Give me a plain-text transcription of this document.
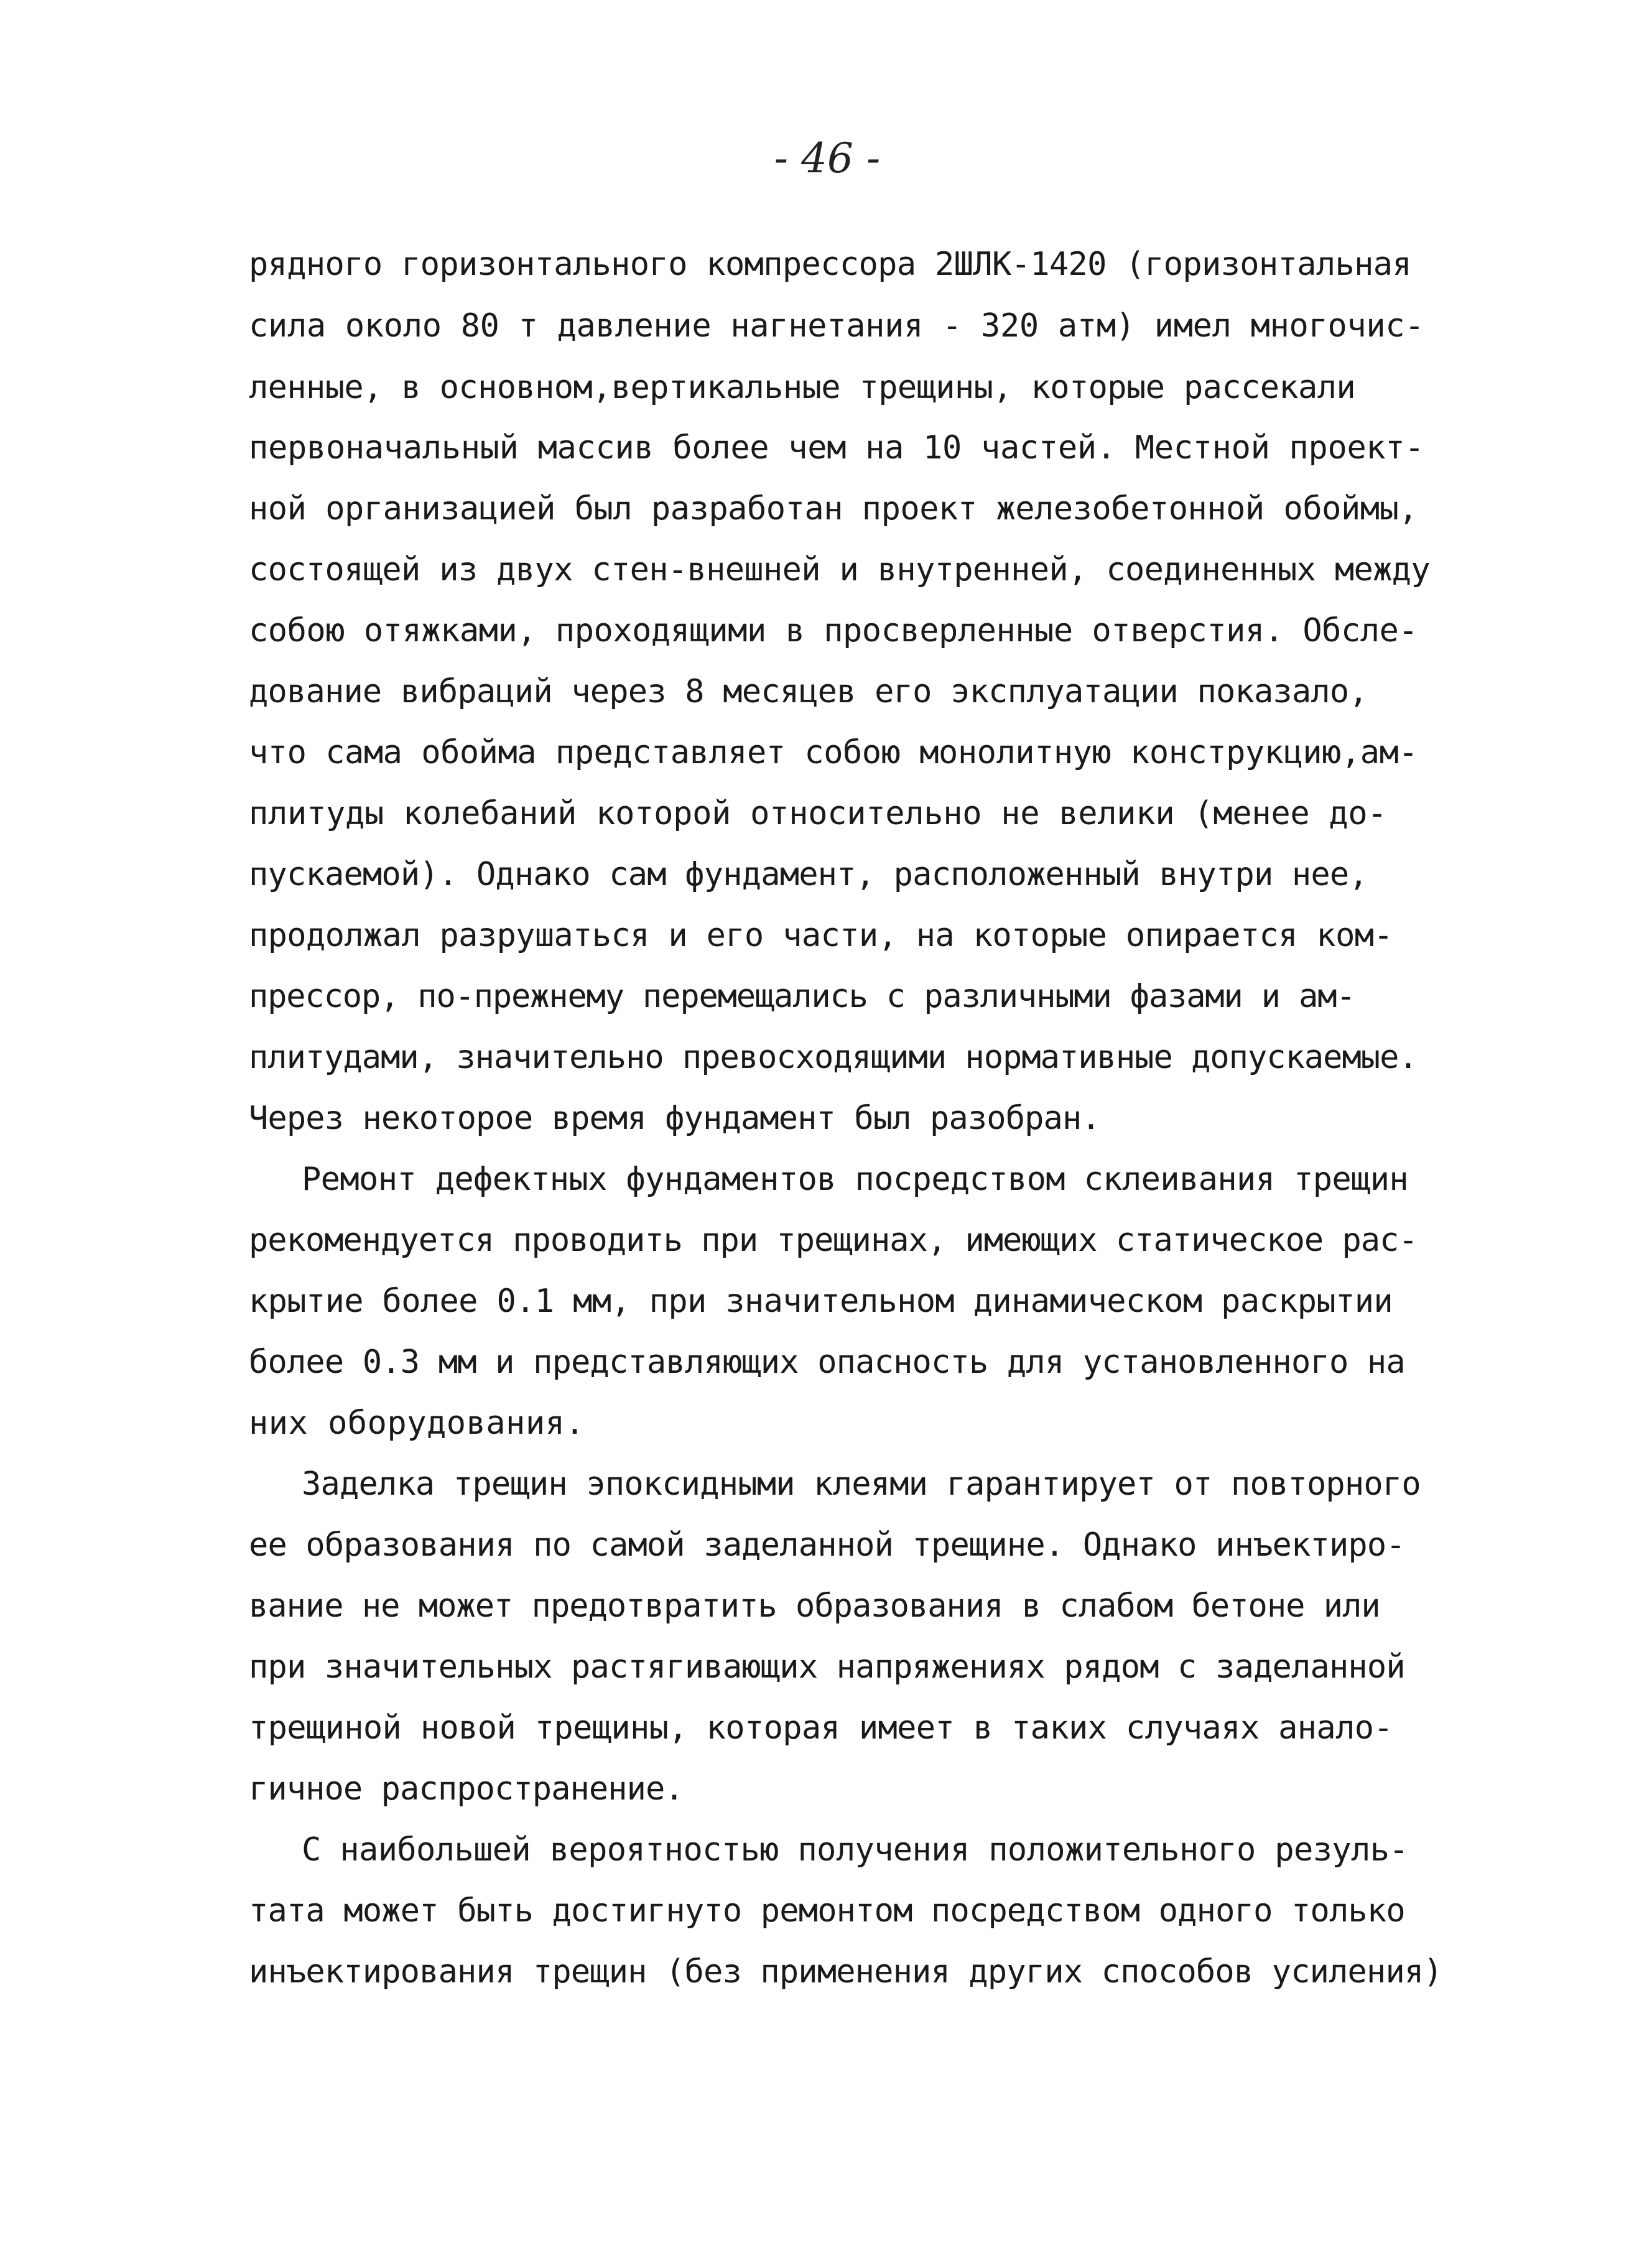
- 46 -
рядного горизонтального компрессора 2ШЛК-1420 (горизонтальная
сила около 80 т давление нагнетания - 320 атм) имел многочис-
ленные, в основном,вертикальные трещины, которые рассекали
первоначальный массив более чем на 10 частей. Местной проект-
ной организацией был разработан проект железобетонной обоймы,
состоящей из двух стен-внешней и внутренней, соединенных между
собою отяжками, проходящими в просверленные отверстия. Обсле-
дование вибраций через 8 месяцев его эксплуатации показало,
что сама обойма представляет собою монолитную конструкцию,ам-
плитуды колебаний которой относительно не велики (менее до-
пускаемой). Однако сам фундамент, расположенный внутри нее,
продолжал разрушаться и его части, на которые опирается ком-
прессор, по-прежнему перемещались с различными фазами и ам-
плитудами, значительно превосходящими нормативные допускаемые.
Через некоторое время фундамент был разобран.
Ремонт дефектных фундаментов посредством склеивания трещин
рекомендуется проводить при трещинах, имеющих статическое рас-
крытие более 0.1 мм, при значительном динамическом раскрытии
более 0.3 мм и представляющих опасность для установленного на
них оборудования.
Заделка трещин эпоксидными клеями гарантирует от повторного
ее образования по самой заделанной трещине. Однако инъектиро-
вание не может предотвратить образования в слабом бетоне или
при значительных растягивающих напряжениях рядом с заделанной
трещиной новой трещины, которая имеет в таких случаях анало-
гичное распространение.
С наибольшей вероятностью получения положительного резуль-
тата может быть достигнуто ремонтом посредством одного только
инъектирования трещин (без применения других способов усиления)
